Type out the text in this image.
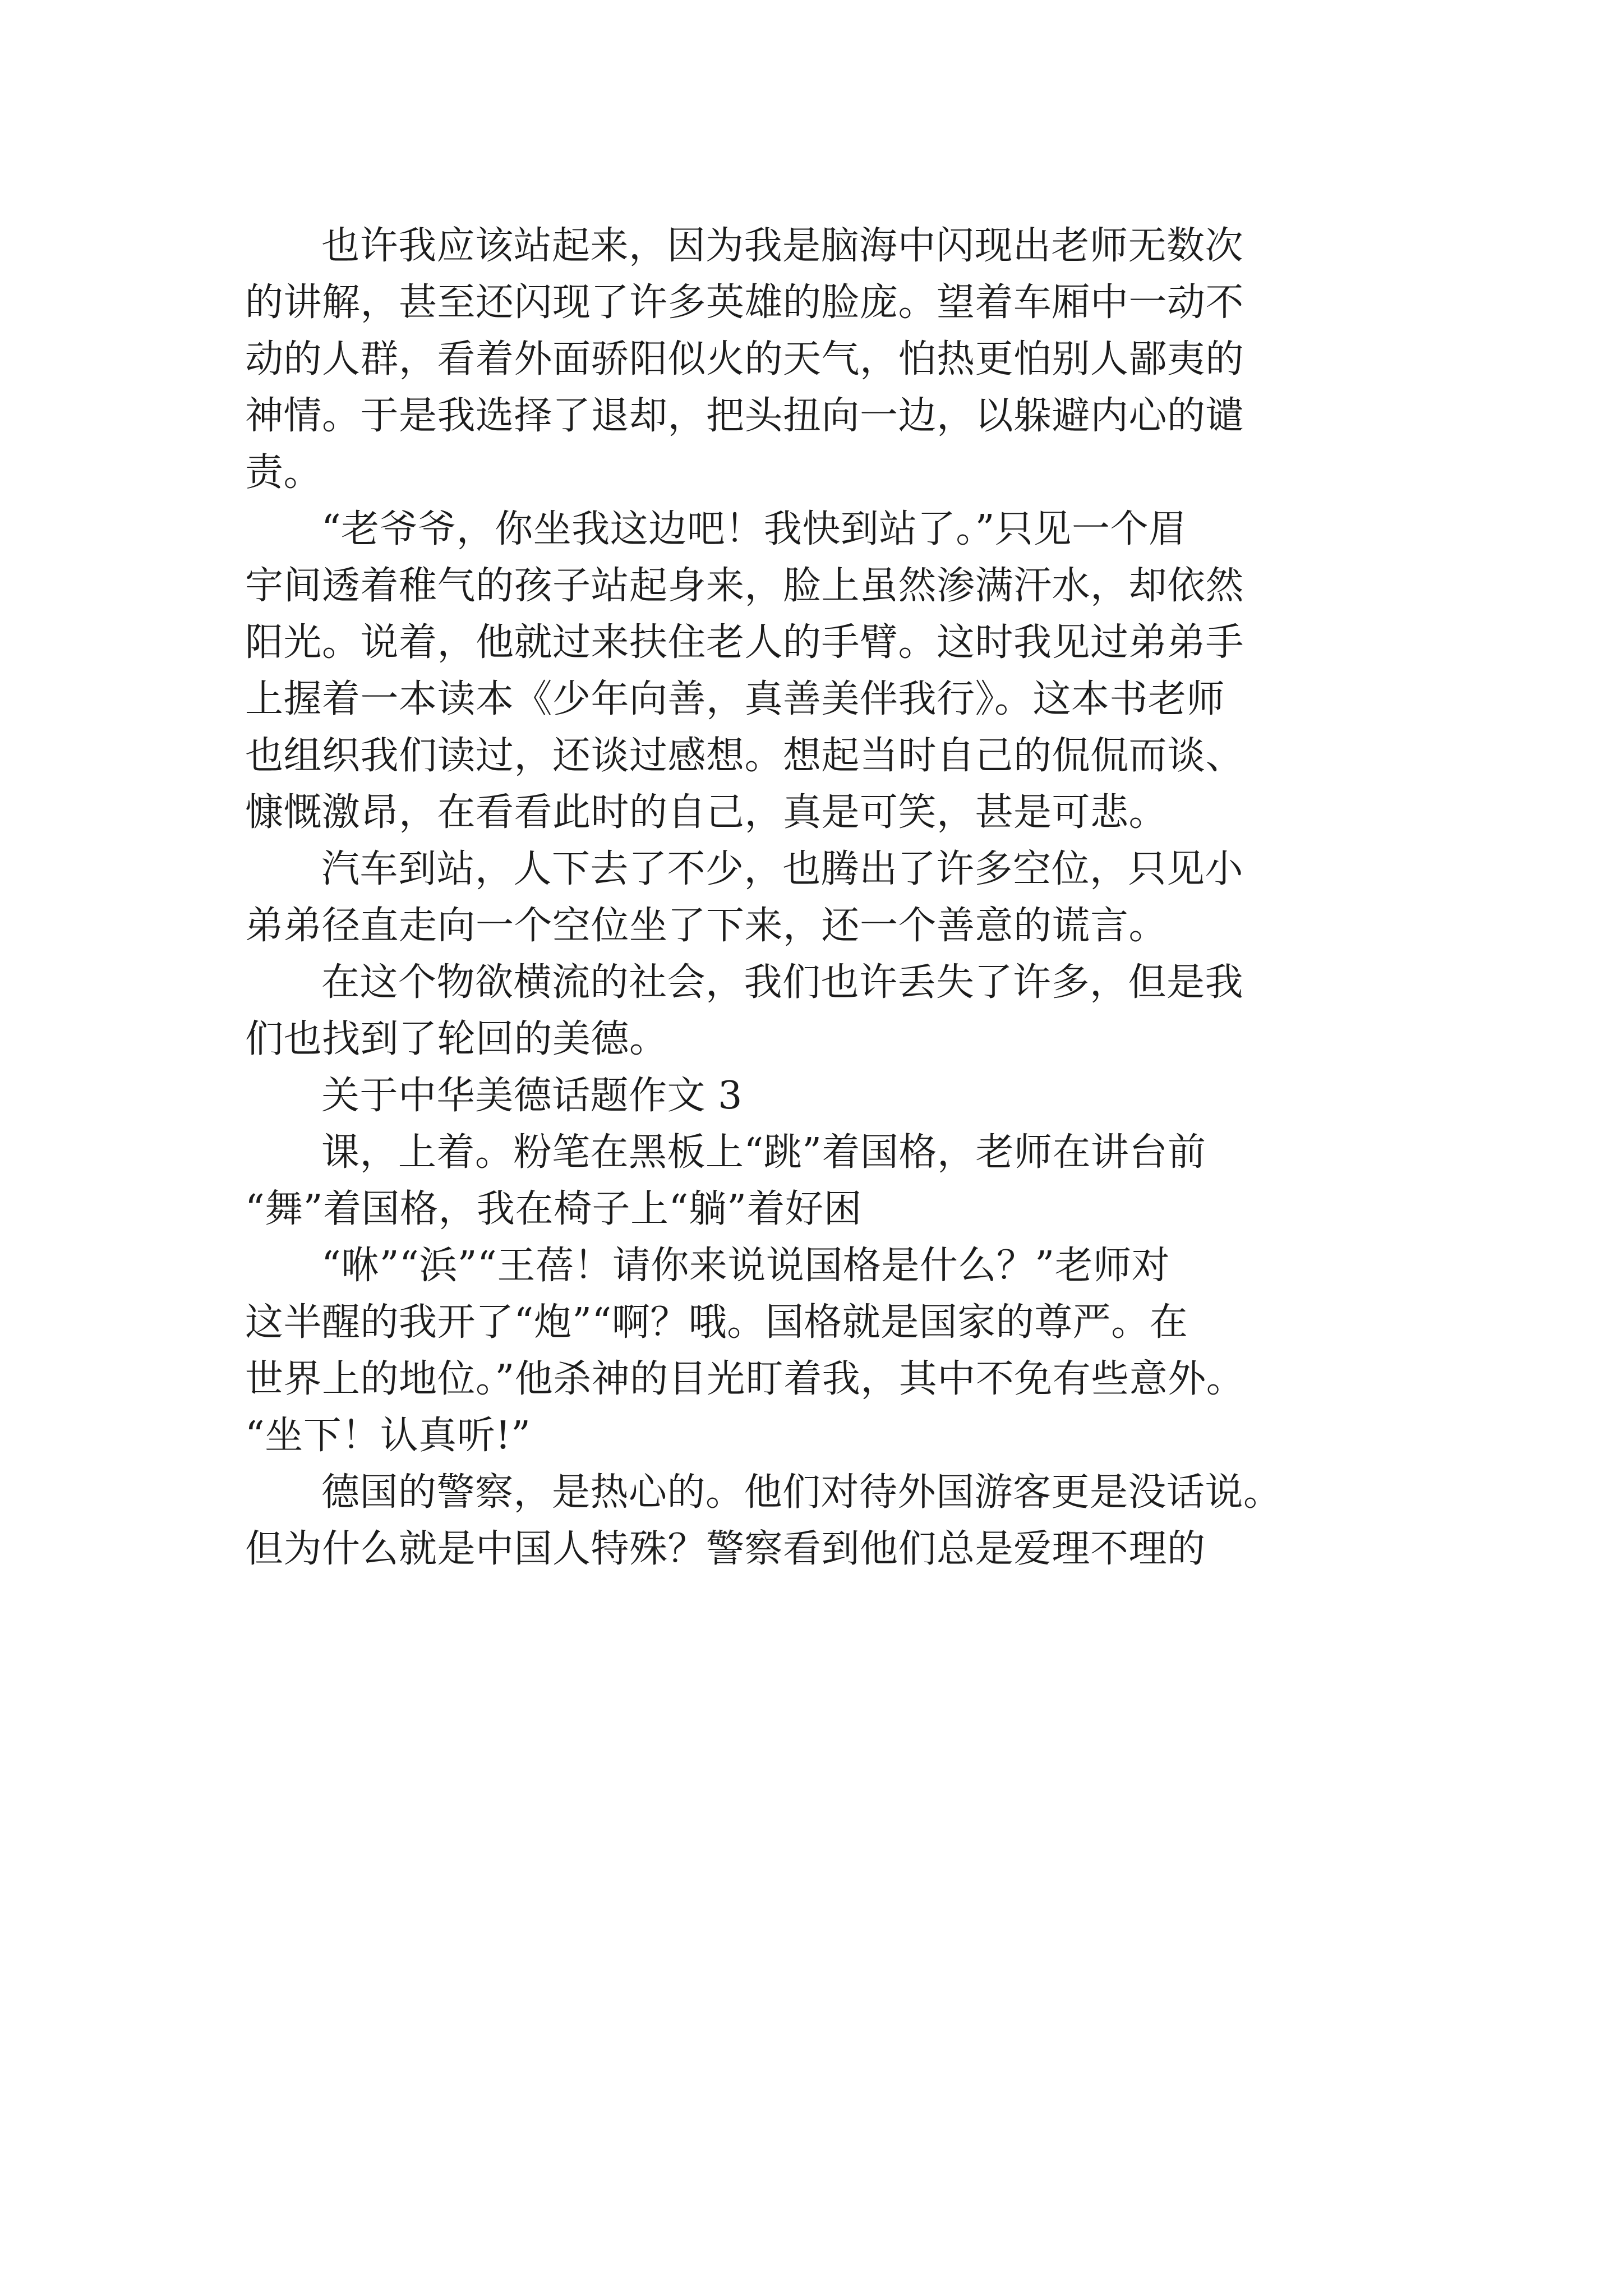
也许我应该站起来，因为我是脑海中闪现出老师无数次
的讲解，甚至还闪现了许多英雄的脸庞。望着车厢中一动不
动的人群，看着外面骄阳似火的天气，怕热更怕别人鄙夷的
神情。于是我选择了退却，把头扭向一边，以躲避内心的谴
责。

“老爷爷，你坐我这边吧！我快到站了。”只见一个眉
宇间透着稚气的孩子站起身来，脸上虽然渗满汗水，却依然
阳光。说着，他就过来扶住老人的手臂。这时我见过弟弟手
上握着一本读本《少年向善，真善美伴我行》。这本书老师
也组织我们读过，还谈过感想。想起当时自己的侃侃而谈、
慷慨激昂，在看看此时的自己，真是可笑，甚是可悲。

汽车到站，人下去了不少，也腾出了许多空位，只见小
弟弟径直走向一个空位坐了下来，还一个善意的谎言。

在这个物欲横流的社会，我们也许丢失了许多，但是我
们也找到了轮回的美德。

关于中华美德话题作文 3

课，上着。粉笔在黑板上“跳”着国格，老师在讲台前
“舞”着国格，我在椅子上“躺”着好困

“咻”“浜”“王蓓！请你来说说国格是什么？”老师对
这半醒的我开了“炮”“啊？哦。国格就是国家的尊严。在
世界上的地位。”他杀神的目光盯着我，其中不免有些意外。
“坐下！认真听!”

德国的警察，是热心的。他们对待外国游客更是没话说。
但为什么就是中国人特殊？警察看到他们总是爱理不理的
